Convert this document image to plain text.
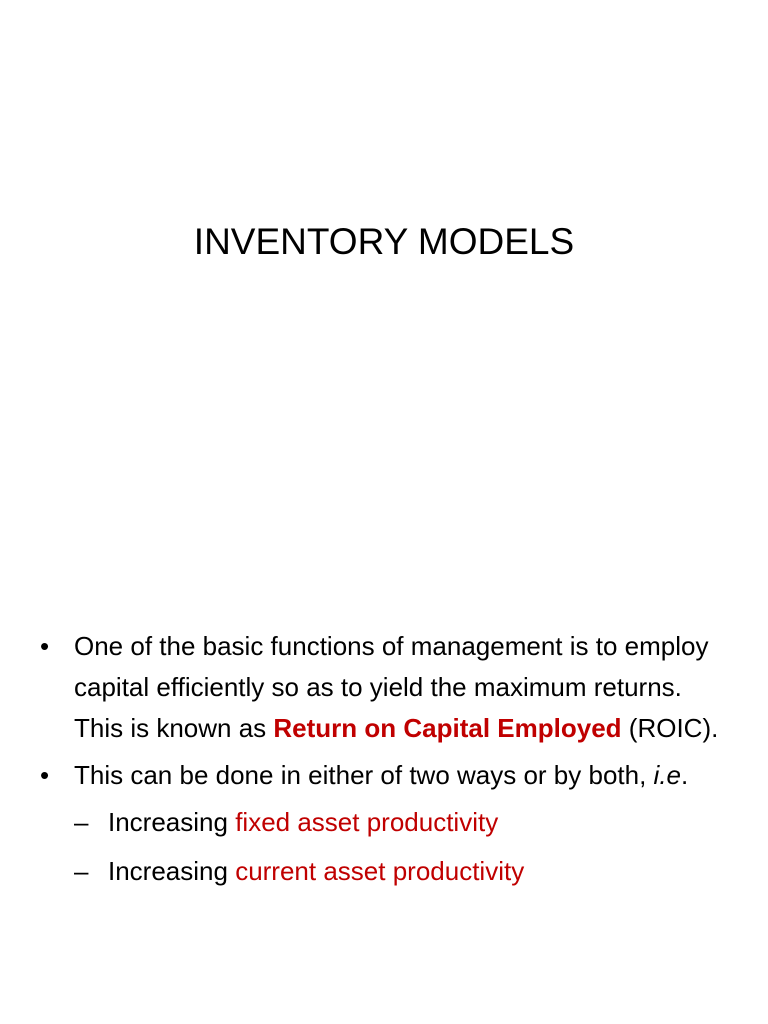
INVENTORY MODELS
• One of the basic functions of management is to employ capital efficiently so as to yield the maximum returns. This is known as Return on Capital Employed (ROIC).
• This can be done in either of two ways or by both, i.e.
– Increasing fixed asset productivity
– Increasing current asset productivity
